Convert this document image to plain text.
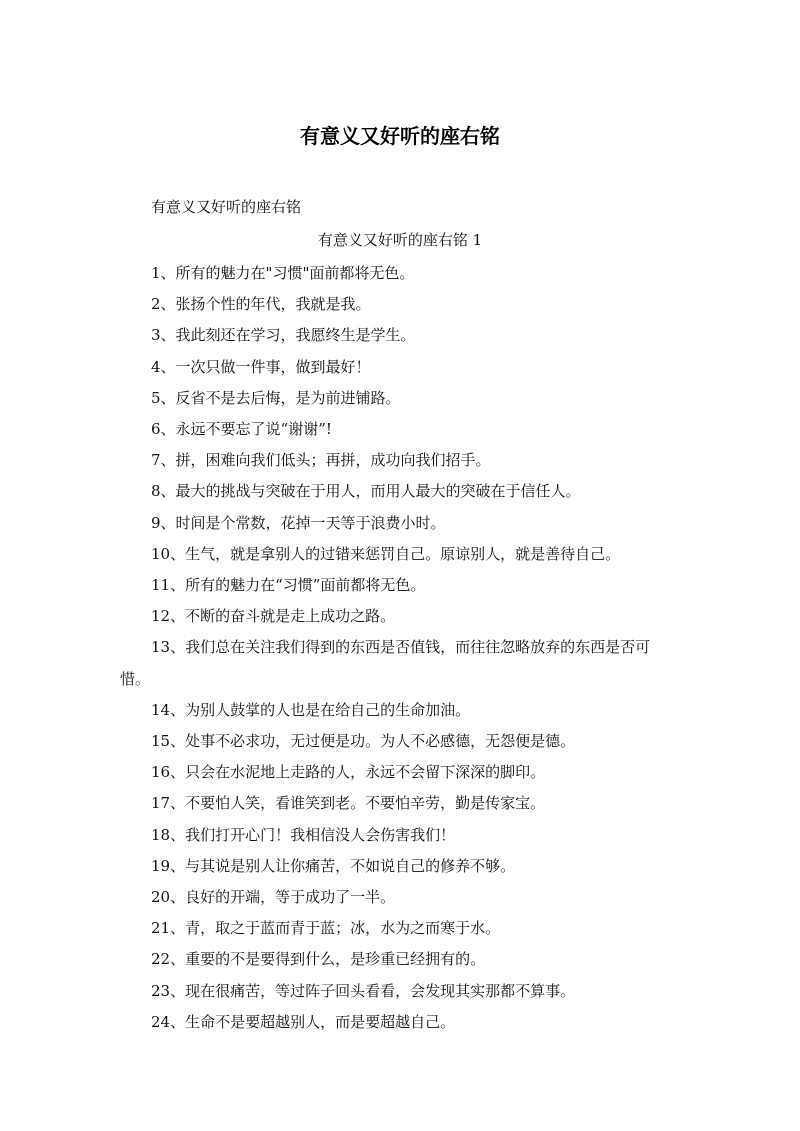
有意义又好听的座右铭
有意义又好听的座右铭
有意义又好听的座右铭 1
1、所有的魅力在"习惯"面前都将无色。
2、张扬个性的年代，我就是我。
3、我此刻还在学习，我愿终生是学生。
4、一次只做一件事，做到最好！
5、反省不是去后悔，是为前进铺路。
6、永远不要忘了说“谢谢”!
7、拼，困难向我们低头；再拼，成功向我们招手。
8、最大的挑战与突破在于用人，而用人最大的突破在于信任人。
9、时间是个常数，花掉一天等于浪费小时。
10、生气，就是拿别人的过错来惩罚自己。原谅别人，就是善待自己。
11、所有的魅力在“习惯”面前都将无色。
12、不断的奋斗就是走上成功之路。
13、我们总在关注我们得到的东西是否值钱，而往往忽略放弃的东西是否可惜。
14、为别人鼓掌的人也是在给自己的生命加油。
15、处事不必求功，无过便是功。为人不必感德，无怨便是德。
16、只会在水泥地上走路的人，永远不会留下深深的脚印。
17、不要怕人笑，看谁笑到老。不要怕辛劳，勤是传家宝。
18、我们打开心门！我相信没人会伤害我们！
19、与其说是别人让你痛苦，不如说自己的修养不够。
20、良好的开端，等于成功了一半。
21、青，取之于蓝而青于蓝；冰，水为之而寒于水。
22、重要的不是要得到什么，是珍重已经拥有的。
23、现在很痛苦，等过阵子回头看看，会发现其实那都不算事。
24、生命不是要超越别人，而是要超越自己。
